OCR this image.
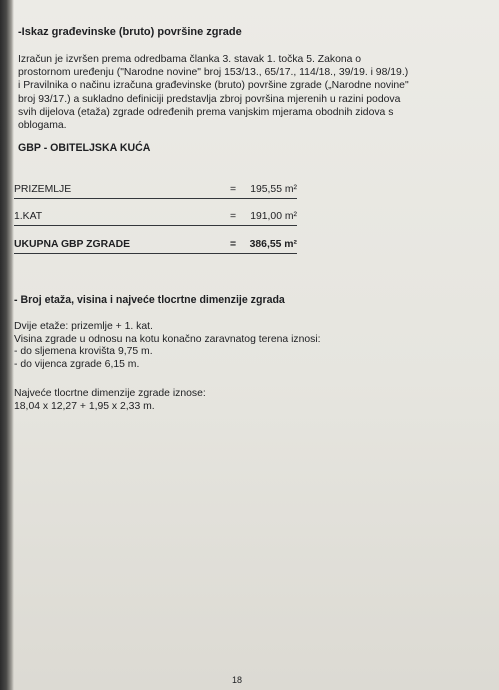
-Iskaz građevinske (bruto) površine zgrade

Izračun je izvršen prema odredbama članka 3. stavak 1. točka 5. Zakona o
prostornom uređenju ("Narodne novine" broj 153/13., 65/17., 114/18., 39/19. i 98/19.)
i Pravilnika o načinu izračuna građevinske (bruto) površine zgrade („Narodne novine"
broj 93/17.) a sukladno definiciji predstavlja zbroj površina mjerenih u razini podova
svih dijelova (etaža) zgrade određenih prema vanjskim mjerama obodnih zidova s
oblogama.

GBP - OBITELJSKA KUĆA
PRIZEMLJE	= 195,55 m²
1.KAT	= 191,00 m²
UKUPNA GBP ZGRADE	= 386,55 m²
- Broj etaža, visina i najveće tlocrtne dimenzije zgrada
Dvije etaže: prizemlje + 1. kat.
Visina zgrade u odnosu na kotu konačno zaravnatog terena iznosi:
- do sljemena krovišta 9,75 m.
- do vijenca zgrade 6,15 m.
Najveće tlocrtne dimenzije zgrade iznose:
18,04 x 12,27 + 1,95 x 2,33 m.
18
